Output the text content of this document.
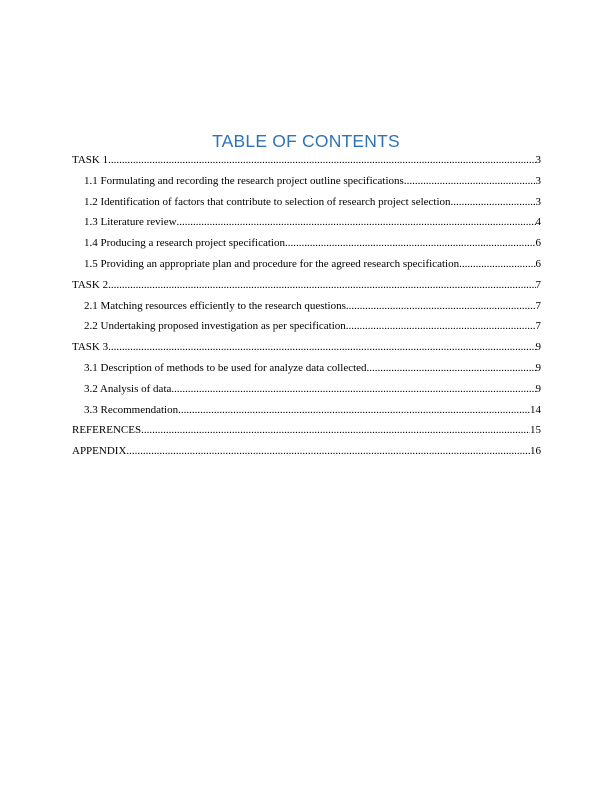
TABLE OF CONTENTS
TASK 1 .....	3
1.1 Formulating and recording the research project outline specifications .....	3
1.2 Identification of factors that contribute to selection of research project selection .....	3
1.3 Literature review .....	4
1.4 Producing a research project specification .....	6
1.5 Providing an appropriate plan and procedure for the agreed research specification .....	6
TASK 2 .....	7
2.1 Matching resources efficiently to the research questions .....	7
2.2 Undertaking proposed investigation as per specification .....	7
TASK 3 .....	9
3.1 Description of methods to be used for analyze data collected .....	9
3.2 Analysis of data .....	9
3.3 Recommendation .....	14
REFERENCES .....	15
APPENDIX .....	16
